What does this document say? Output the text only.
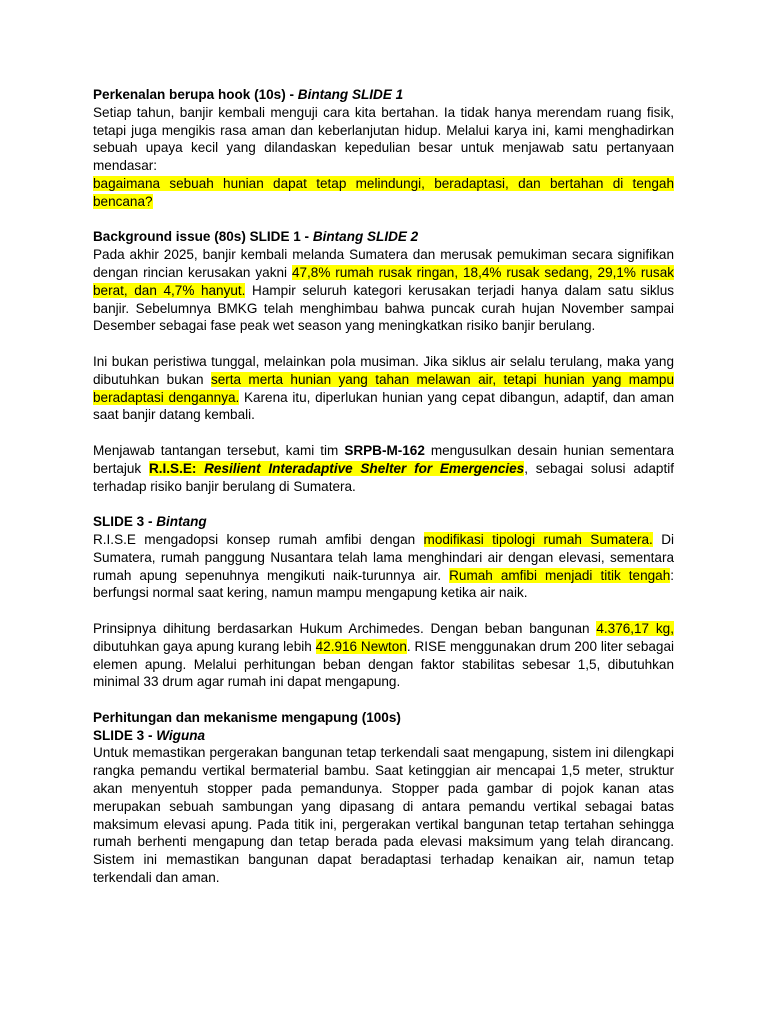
Perkenalan berupa hook (10s) - Bintang SLIDE 1

Setiap tahun, banjir kembali menguji cara kita bertahan. Ia tidak hanya merendam ruang fisik, tetapi juga mengikis rasa aman dan keberlanjutan hidup. Melalui karya ini, kami menghadirkan sebuah upaya kecil yang dilandaskan kepedulian besar untuk menjawab satu pertanyaan mendasar:
bagaimana sebuah hunian dapat tetap melindungi, beradaptasi, dan bertahan di tengah bencana?

Background issue (80s) SLIDE 1 - Bintang SLIDE 2

Pada akhir 2025, banjir kembali melanda Sumatera dan merusak pemukiman secara signifikan dengan rincian kerusakan yakni 47,8% rumah rusak ringan, 18,4% rusak sedang, 29,1% rusak berat, dan 4,7% hanyut. Hampir seluruh kategori kerusakan terjadi hanya dalam satu siklus banjir. Sebelumnya BMKG telah menghimbau bahwa puncak curah hujan November sampai Desember sebagai fase peak wet season yang meningkatkan risiko banjir berulang.

Ini bukan peristiwa tunggal, melainkan pola musiman. Jika siklus air selalu terulang, maka yang dibutuhkan bukan serta merta hunian yang tahan melawan air, tetapi hunian yang mampu beradaptasi dengannya. Karena itu, diperlukan hunian yang cepat dibangun, adaptif, dan aman saat banjir datang kembali.

Menjawab tantangan tersebut, kami tim SRPB-M-162 mengusulkan desain hunian sementara bertajuk R.I.S.E: Resilient Interadaptive Shelter for Emergencies, sebagai solusi adaptif terhadap risiko banjir berulang di Sumatera.

SLIDE 3 - Bintang

R.I.S.E mengadopsi konsep rumah amfibi dengan modifikasi tipologi rumah Sumatera. Di Sumatera, rumah panggung Nusantara telah lama menghindari air dengan elevasi, sementara rumah apung sepenuhnya mengikuti naik-turunnya air. Rumah amfibi menjadi titik tengah: berfungsi normal saat kering, namun mampu mengapung ketika air naik.

Prinsipnya dihitung berdasarkan Hukum Archimedes. Dengan beban bangunan 4.376,17 kg, dibutuhkan gaya apung kurang lebih 42.916 Newton. RISE menggunakan drum 200 liter sebagai elemen apung. Melalui perhitungan beban dengan faktor stabilitas sebesar 1,5, dibutuhkan minimal 33 drum agar rumah ini dapat mengapung.

Perhitungan dan mekanisme mengapung (100s)

SLIDE 3 - Wiguna

Untuk memastikan pergerakan bangunan tetap terkendali saat mengapung, sistem ini dilengkapi rangka pemandu vertikal bermaterial bambu. Saat ketinggian air mencapai 1,5 meter, struktur akan menyentuh stopper pada pemandunya. Stopper pada gambar di pojok kanan atas merupakan sebuah sambungan yang dipasang di antara pemandu vertikal sebagai batas maksimum elevasi apung. Pada titik ini, pergerakan vertikal bangunan tetap tertahan sehingga rumah berhenti mengapung dan tetap berada pada elevasi maksimum yang telah dirancang. Sistem ini memastikan bangunan dapat beradaptasi terhadap kenaikan air, namun tetap terkendali dan aman.
